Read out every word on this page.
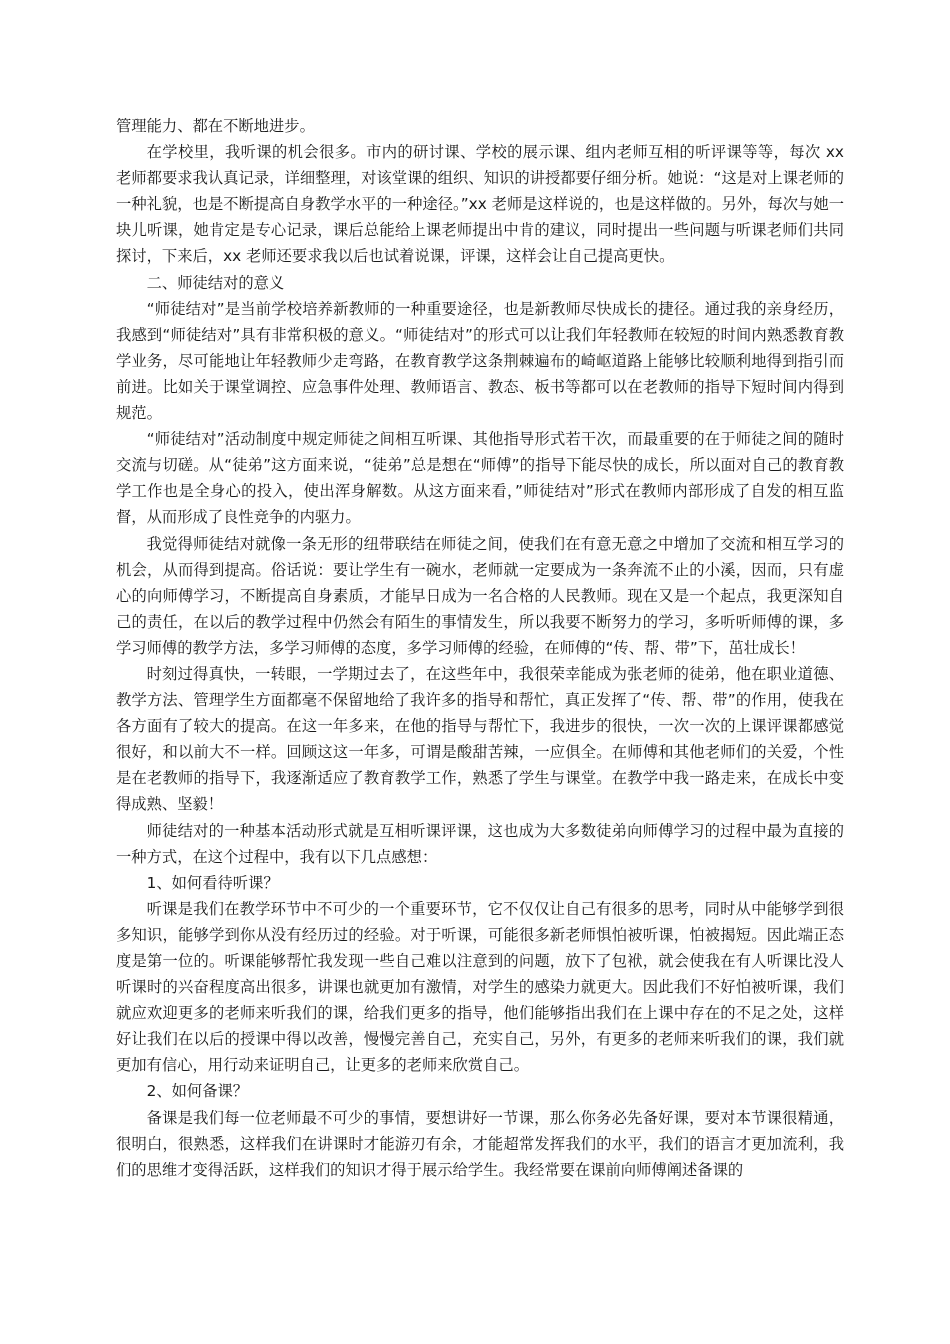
管理能力、都在不断地进步。

在学校里，我听课的机会很多。市内的研讨课、学校的展示课、组内老师互相的听评课等等，每次 xx 老师都要求我认真记录，详细整理，对该堂课的组织、知识的讲授都要仔细分析。她说：“这是对上课老师的一种礼貌，也是不断提高自身教学水平的一种途径。”xx 老师是这样说的，也是这样做的。另外，每次与她一块儿听课，她肯定是专心记录，课后总能给上课老师提出中肯的建议，同时提出一些问题与听课老师们共同探讨，下来后，xx 老师还要求我以后也试着说课，评课，这样会让自己提高更快。

二、师徒结对的意义

“师徒结对”是当前学校培养新教师的一种重要途径，也是新教师尽快成长的捷径。通过我的亲身经历，我感到“师徒结对”具有非常积极的意义。“师徒结对”的形式可以让我们年轻教师在较短的时间内熟悉教育教学业务，尽可能地让年轻教师少走弯路，在教育教学这条荆棘遍布的崎岖道路上能够比较顺利地得到指引而前进。比如关于课堂调控、应急事件处理、教师语言、教态、板书等都可以在老教师的指导下短时间内得到规范。

“师徒结对”活动制度中规定师徒之间相互听课、其他指导形式若干次，而最重要的在于师徒之间的随时交流与切磋。从“徒弟”这方面来说，“徒弟”总是想在“师傅”的指导下能尽快的成长，所以面对自己的教育教学工作也是全身心的投入，使出浑身解数。从这方面来看，”师徒结对”形式在教师内部形成了自发的相互监督，从而形成了良性竞争的内驱力。

我觉得师徒结对就像一条无形的纽带联结在师徒之间，使我们在有意无意之中增加了交流和相互学习的机会，从而得到提高。俗话说：要让学生有一碗水，老师就一定要成为一条奔流不止的小溪，因而，只有虚心的向师傅学习，不断提高自身素质，才能早日成为一名合格的人民教师。现在又是一个起点，我更深知自己的责任，在以后的教学过程中仍然会有陌生的事情发生，所以我要不断努力的学习，多听听师傅的课，多学习师傅的教学方法，多学习师傅的态度，多学习师傅的经验，在师傅的“传、帮、带”下，茁壮成长！

时刻过得真快，一转眼，一学期过去了，在这些年中，我很荣幸能成为张老师的徒弟，他在职业道德、教学方法、管理学生方面都毫不保留地给了我许多的指导和帮忙，真正发挥了“传、帮、带”的作用，使我在各方面有了较大的提高。在这一年多来，在他的指导与帮忙下，我进步的很快，一次一次的上课评课都感觉很好，和以前大不一样。回顾这这一年多，可谓是酸甜苦辣，一应俱全。在师傅和其他老师们的关爱，个性是在老教师的指导下，我逐渐适应了教育教学工作，熟悉了学生与课堂。在教学中我一路走来，在成长中变得成熟、坚毅！

师徒结对的一种基本活动形式就是互相听课评课，这也成为大多数徒弟向师傅学习的过程中最为直接的一种方式，在这个过程中，我有以下几点感想：

1、如何看待听课？

听课是我们在教学环节中不可少的一个重要环节，它不仅仅让自己有很多的思考，同时从中能够学到很多知识，能够学到你从没有经历过的经验。对于听课，可能很多新老师惧怕被听课，怕被揭短。因此端正态度是第一位的。听课能够帮忙我发现一些自己难以注意到的问题，放下了包袱，就会使我在有人听课比没人听课时的兴奋程度高出很多，讲课也就更加有激情，对学生的感染力就更大。因此我们不好怕被听课，我们就应欢迎更多的老师来听我们的课，给我们更多的指导，他们能够指出我们在上课中存在的不足之处，这样好让我们在以后的授课中得以改善，慢慢完善自己，充实自己，另外，有更多的老师来听我们的课，我们就更加有信心，用行动来证明自己，让更多的老师来欣赏自己。

2、如何备课？

备课是我们每一位老师最不可少的事情，要想讲好一节课，那么你务必先备好课，要对本节课很精通，很明白，很熟悉，这样我们在讲课时才能游刃有余，才能超常发挥我们的水平，我们的语言才更加流利，我们的思维才变得活跃，这样我们的知识才得于展示给学生。我经常要在课前向师傅阐述备课的
